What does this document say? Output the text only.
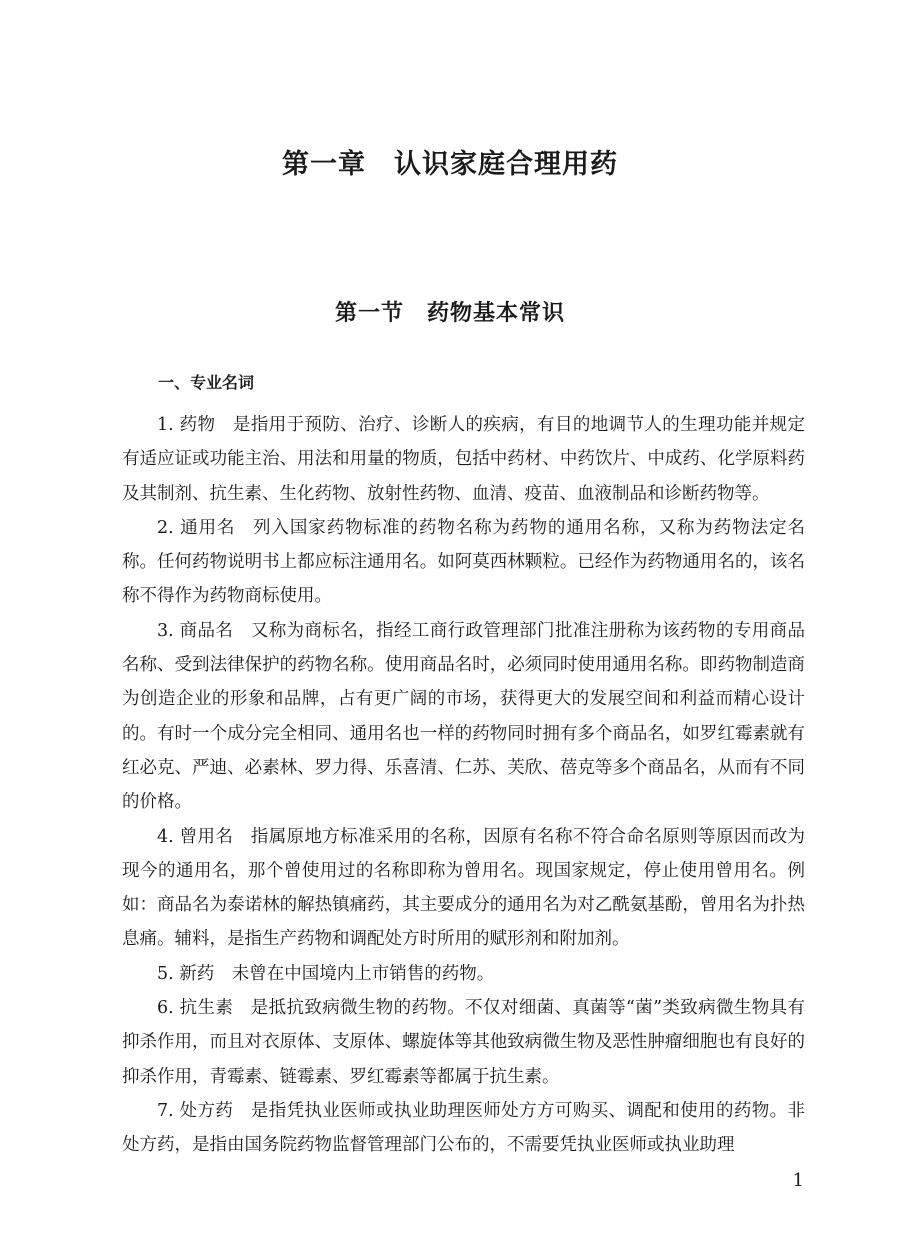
第一章　认识家庭合理用药
第一节　药物基本常识
一、专业名词

1. 药物 是指用于预防、治疗、诊断人的疾病，有目的地调节人的生理功能并规定有适应证或功能主治、用法和用量的物质，包括中药材、中药饮片、中成药、化学原料药及其制剂、抗生素、生化药物、放射性药物、血清、疫苗、血液制品和诊断药物等。

2. 通用名 列入国家药物标准的药物名称为药物的通用名称，又称为药物法定名称。任何药物说明书上都应标注通用名。如阿莫西林颗粒。已经作为药物通用名的，该名称不得作为药物商标使用。

3. 商品名 又称为商标名，指经工商行政管理部门批准注册称为该药物的专用商品名称、受到法律保护的药物名称。使用商品名时，必须同时使用通用名称。即药物制造商为创造企业的形象和品牌，占有更广阔的市场，获得更大的发展空间和利益而精心设计的。有时一个成分完全相同、通用名也一样的药物同时拥有多个商品名，如罗红霉素就有红必克、严迪、必素林、罗力得、乐喜清、仁苏、芙欣、蓓克等多个商品名，从而有不同的价格。

4. 曾用名 指属原地方标准采用的名称，因原有名称不符合命名原则等原因而改为现今的通用名，那个曾使用过的名称即称为曾用名。现国家规定，停止使用曾用名。例如：商品名为泰诺林的解热镇痛药，其主要成分的通用名为对乙酰氨基酚，曾用名为扑热息痛。辅料，是指生产药物和调配处方时所用的赋形剂和附加剂。

5. 新药 未曾在中国境内上市销售的药物。

6. 抗生素 是抵抗致病微生物的药物。不仅对细菌、真菌等“菌”类致病微生物具有抑杀作用，而且对衣原体、支原体、螺旋体等其他致病微生物及恶性肿瘤细胞也有良好的抑杀作用，青霉素、链霉素、罗红霉素等都属于抗生素。

7. 处方药 是指凭执业医师或执业助理医师处方方可购买、调配和使用的药物。非处方药，是指由国务院药物监督管理部门公布的，不需要凭执业医师或执业助理

1
